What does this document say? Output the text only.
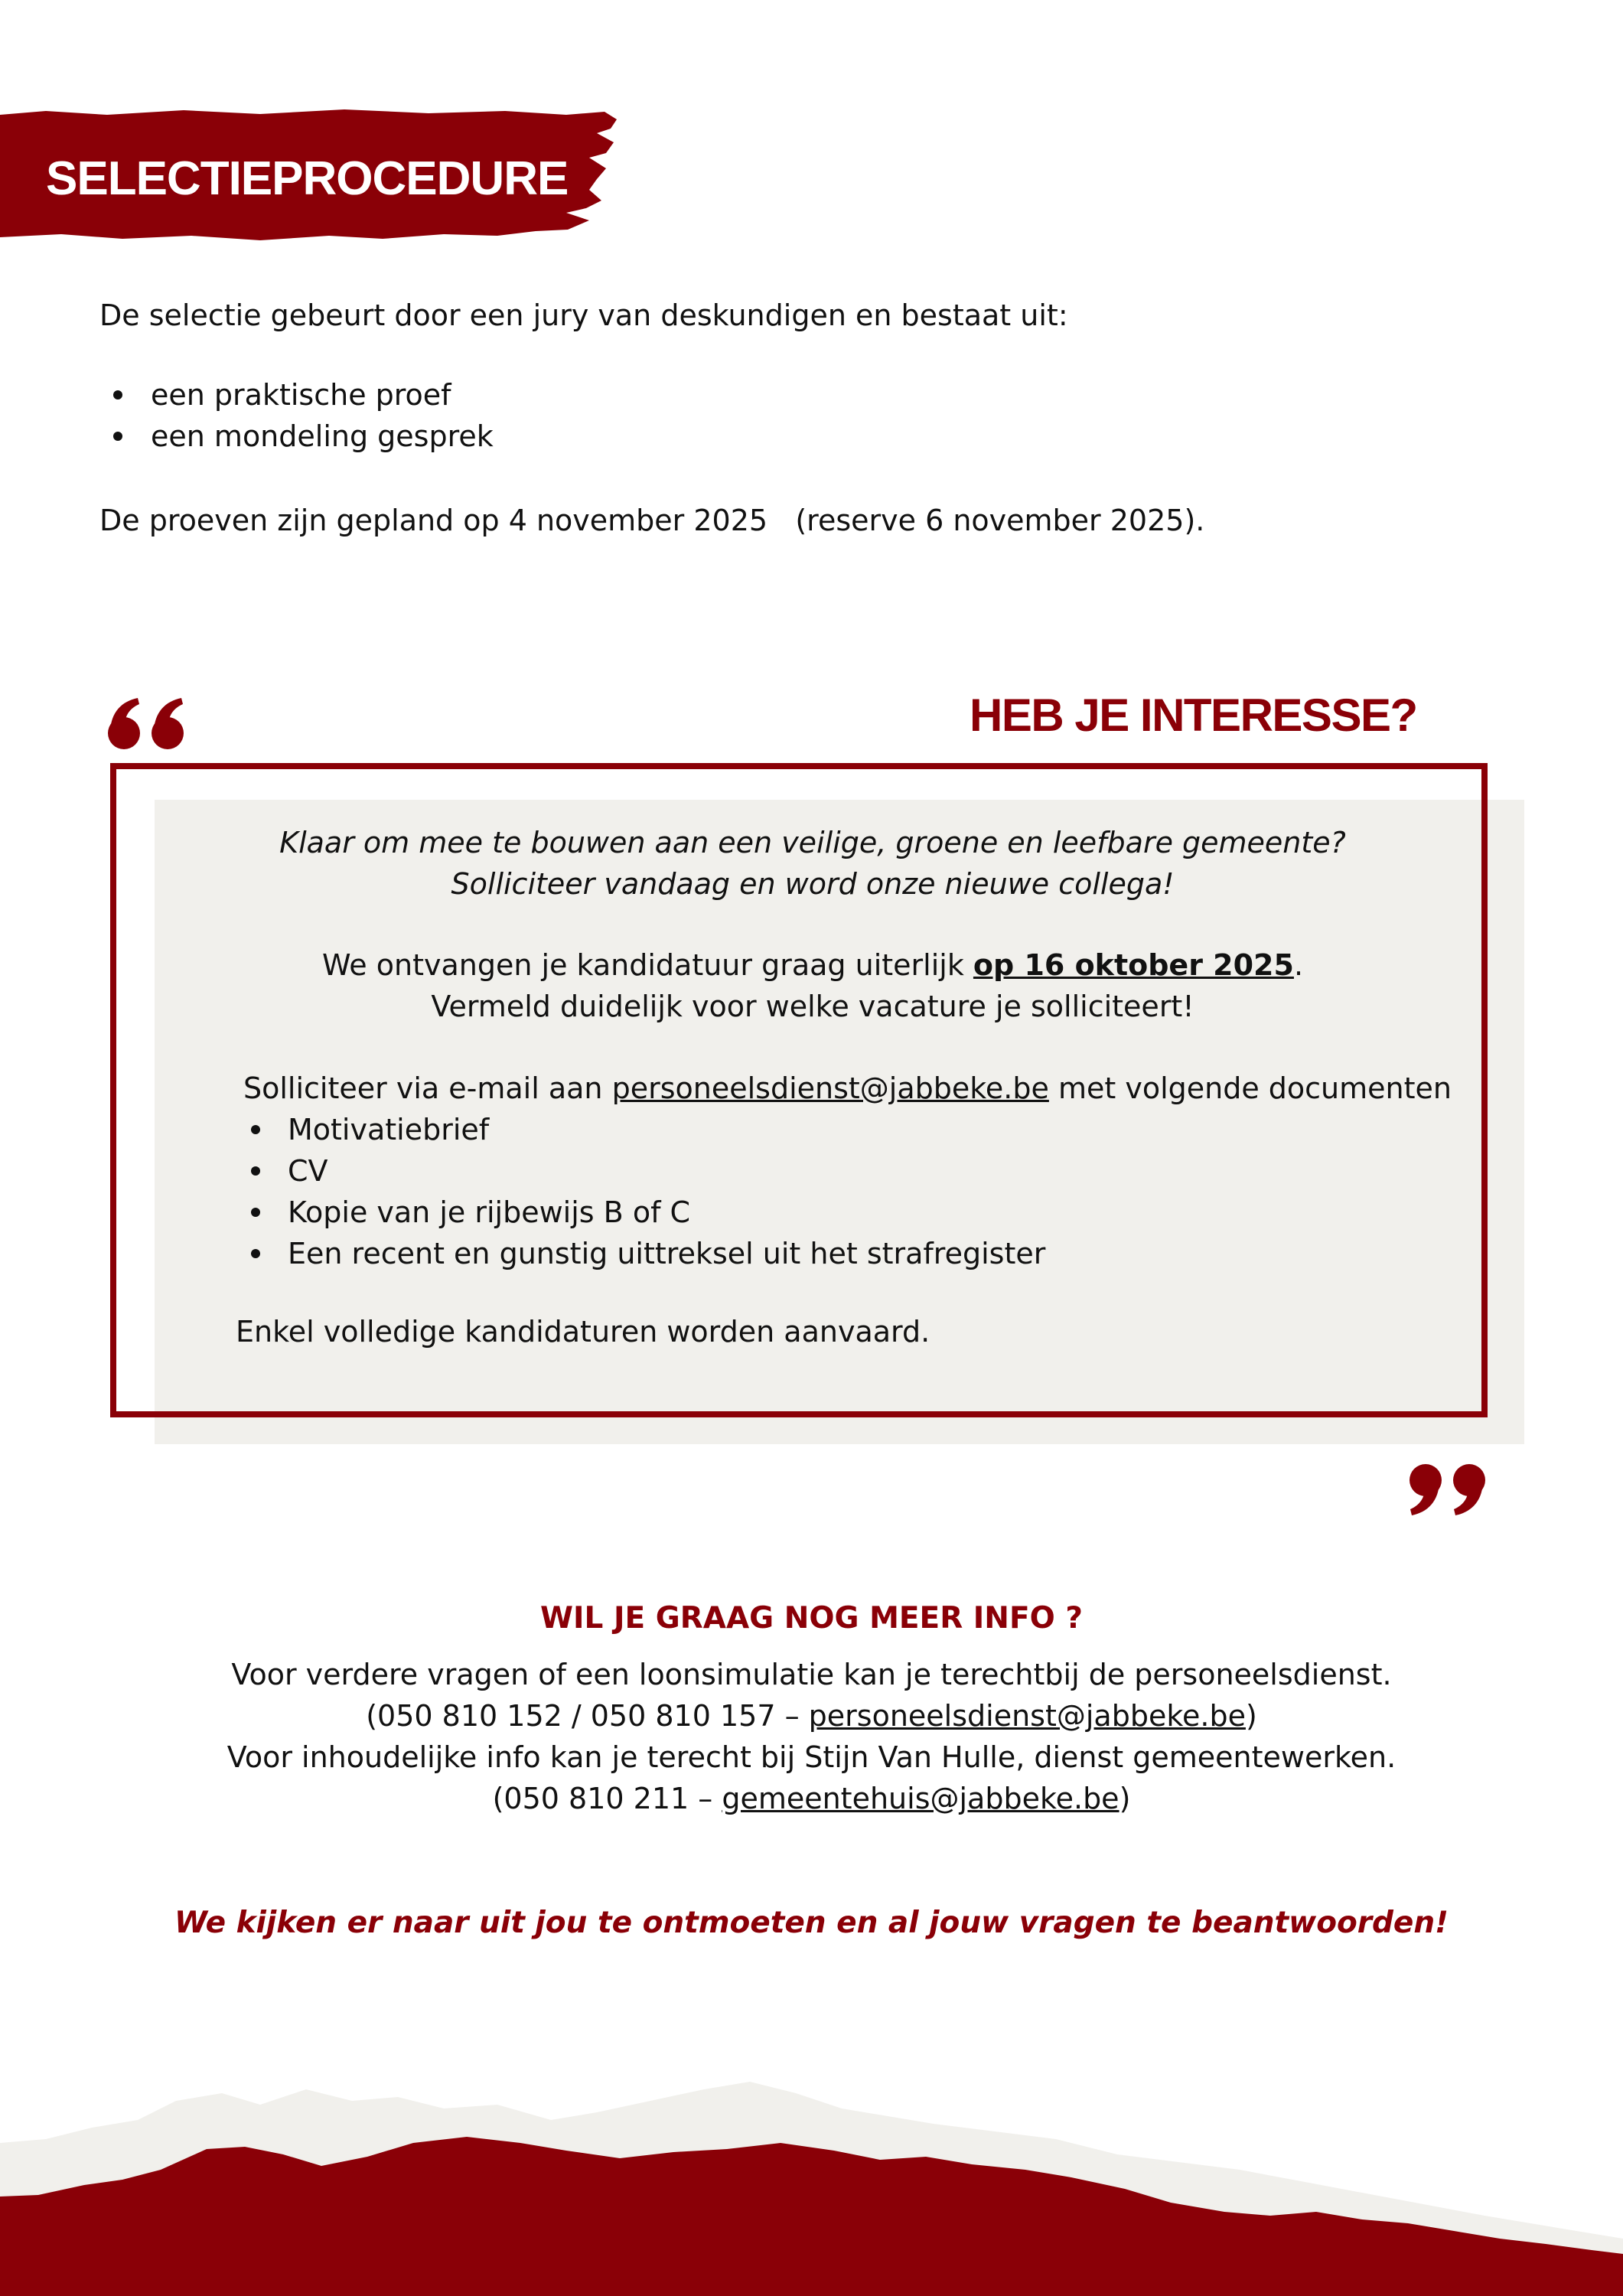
SELECTIEPROCEDURE

De selectie gebeurt door een jury van deskundigen en bestaat uit:

een praktische proef
een mondeling gesprek

De proeven zijn gepland op 4 november 2025   (reserve 6 november 2025).

HEB JE INTERESSE?
Klaar om mee te bouwen aan een veilige, groene en leefbare gemeente?
Solliciteer vandaag en word onze nieuwe collega!
We ontvangen je kandidatuur graag uiterlijk op 16 oktober 2025.
Vermeld duidelijk voor welke vacature je solliciteert!
Solliciteer via e-mail aan personeelsdienst@jabbeke.be met volgende documenten
Motivatiebrief
CV
Kopie van je rijbewijs B of C
Een recent en gunstig uittreksel uit het strafregister
Enkel volledige kandidaturen worden aanvaard.
WIL JE GRAAG NOG MEER INFO ?
Voor verdere vragen of een loonsimulatie kan je terechtbij de personeelsdienst.
(050 810 152 / 050 810 157 – personeelsdienst@jabbeke.be)
Voor inhoudelijke info kan je terecht bij Stijn Van Hulle, dienst gemeentewerken.
(050 810 211 – gemeentehuis@jabbeke.be)
We kijken er naar uit jou te ontmoeten en al jouw vragen te beantwoorden!
